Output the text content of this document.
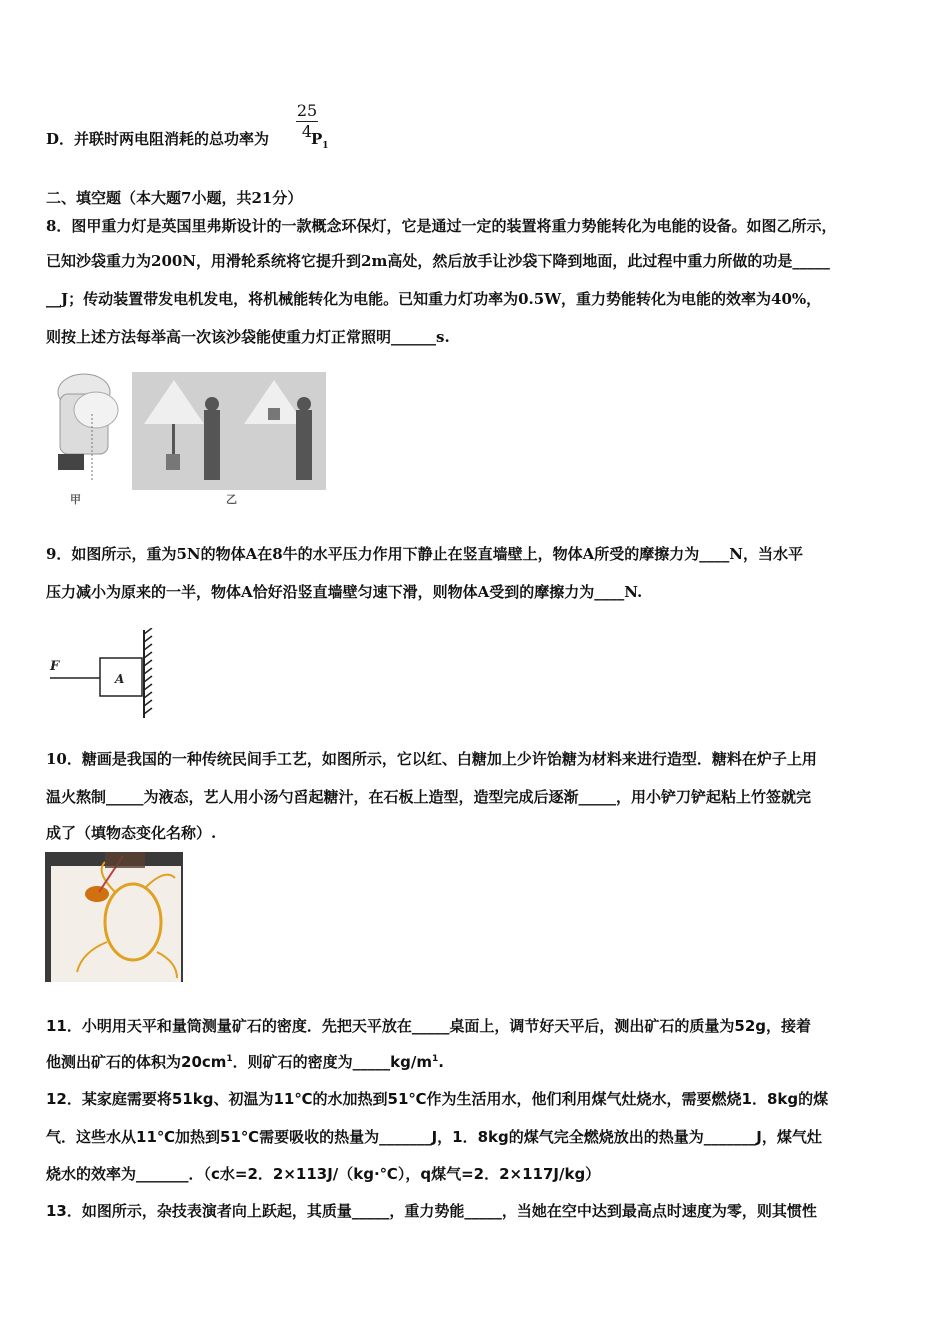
$\frac{25}{4}$
D．并联时两电阻消耗的总功率为	$P_1$
二、填空题（本大题7小题，共21分）
8．图甲重力灯是英国里弗斯设计的一款概念环保灯，它是通过一定的装置将重力势能转化为电能的设备。如图乙所示，
已知沙袋重力为200N，用滑轮系统将它提升到2m高处，然后放手让沙袋下降到地面，此过程中重力所做的功是_____
__J；传动装置带发电机发电，将机械能转化为电能。已知重力灯功率为0.5W，重力势能转化为电能的效率为40%，
则按上述方法每举高一次该沙袋能使重力灯正常照明______s.
甲	乙
9．如图所示，重为5N的物体A在8牛的水平压力作用下静止在竖直墙壁上，物体A所受的摩擦力为____N，当水平
压力减小为原来的一半，物体A恰好沿竖直墙壁匀速下滑，则物体A受到的摩擦力为____N.
F
A
10．糖画是我国的一种传统民间手工艺，如图所示，它以红、白糖加上少许饴糖为材料来进行造型．糖料在炉子上用
温火熬制_____为液态，艺人用小汤勺舀起糖汁，在石板上造型，造型完成后逐渐_____，用小铲刀铲起粘上竹签就完
成了（填物态变化名称）.
11．小明用天平和量筒测量矿石的密度．先把天平放在_____桌面上，调节好天平后，测出矿石的质量为52g，接着
他测出矿石的体积为$20cm^1$．则矿石的密度为$\_\_\_\_\_kg/m^1$.
12．某家庭需要将51kg、初温为11℃的水加热到51℃作为生活用水，他们利用煤气灶烧水，需要燃烧1．8kg的煤
气．这些水从11℃加热到51℃需要吸收的热量为_______J，1．8kg的煤气完全燃烧放出的热量为_______J，煤气灶
烧水的效率为_______．（c水=2．2×113J/（kg·℃），q煤气=2．2×117J/kg）
13．如图所示，杂技表演者向上跃起，其质量_____，重力势能_____，当她在空中达到最高点时速度为零，则其惯性
